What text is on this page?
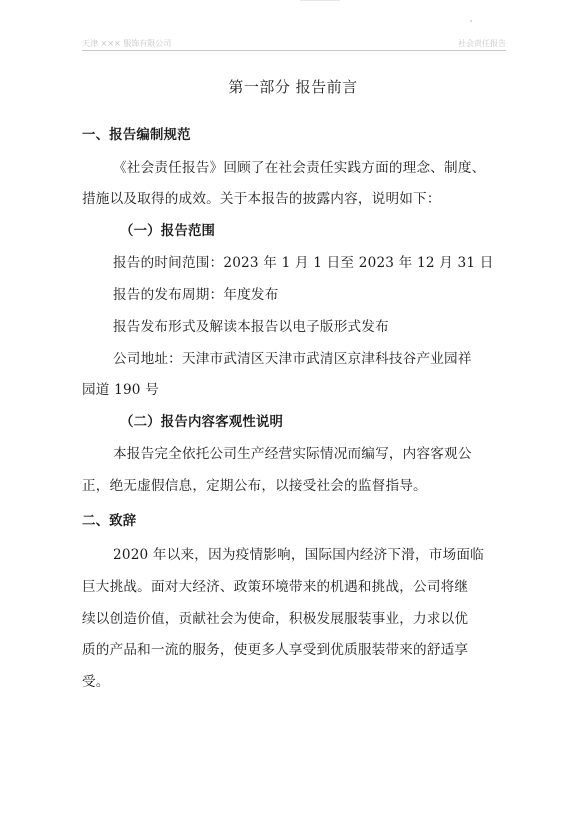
天津 ××× 服饰有限公司	社会责任报告
第一部分 报告前言
一、报告编制规范
《社会责任报告》回顾了在社会责任实践方面的理念、制度、
措施以及取得的成效。关于本报告的披露内容，说明如下：
（一）报告范围
报告的时间范围：2023 年 1 月 1 日至 2023 年 12 月 31 日
报告的发布周期：年度发布
报告发布形式及解读本报告以电子版形式发布
公司地址：天津市武清区天津市武清区京津科技谷产业园祥
园道 190 号
（二）报告内容客观性说明
本报告完全依托公司生产经营实际情况而编写，内容客观公
正，绝无虚假信息，定期公布，以接受社会的监督指导。
二、致辞
2020 年以来，因为疫情影响，国际国内经济下滑，市场面临
巨大挑战。面对大经济、政策环境带来的机遇和挑战，公司将继
续以创造价值，贡献社会为使命，积极发展服装事业，力求以优
质的产品和一流的服务，使更多人享受到优质服装带来的舒适享
受。
